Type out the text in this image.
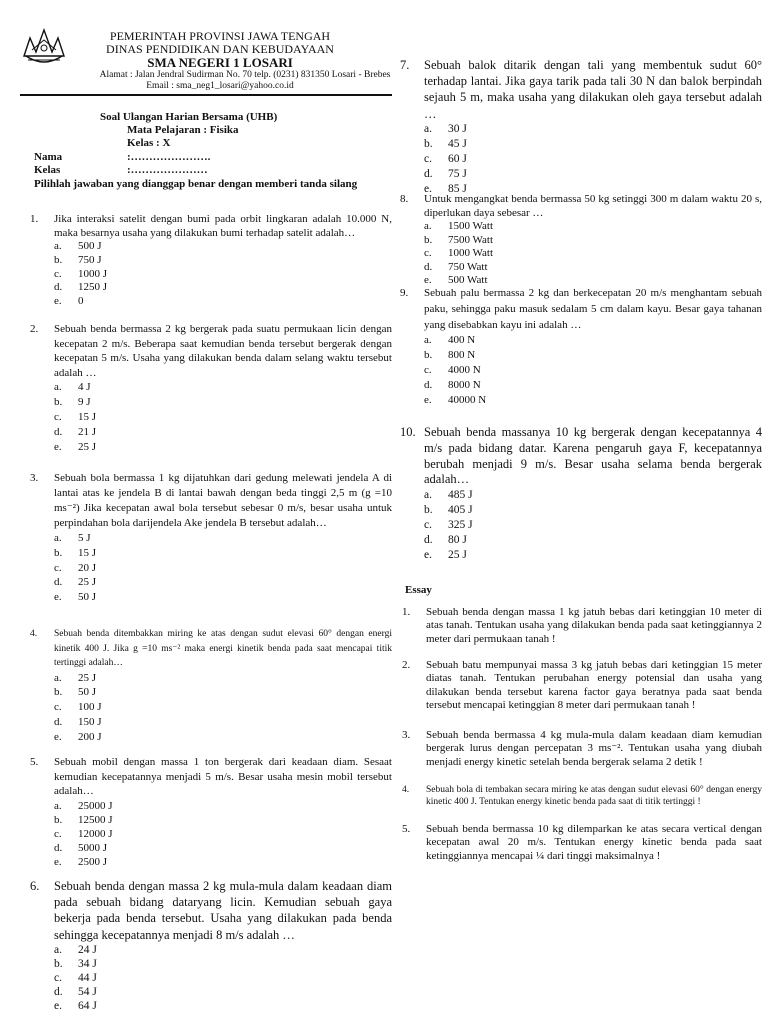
PEMERINTAH PROVINSI JAWA TENGAH
DINAS PENDIDIKAN DAN KEBUDAYAAN
SMA NEGERI 1 LOSARI
Alamat : Jalan Jendral Sudirman No. 70 telp. (0231) 831350 Losari - Brebes
Email : sma_neg1_losari@yahoo.co.id
Soal Ulangan Harian Bersama (UHB)
Mata Pelajaran : Fisika
Kelas : X
Nama	:………………….
Kelas	:…………………
Pilihlah jawaban yang dianggap benar dengan memberi tanda silang
1. Jika interaksi satelit dengan bumi pada orbit lingkaran adalah 10.000 N, maka besarnya usaha yang dilakukan bumi terhadap satelit adalah…
a. 500 J
b. 750 J
c. 1000 J
d. 1250 J
e. 0
2. Sebuah benda bermassa 2 kg bergerak pada suatu permukaan licin dengan kecepatan 2 m/s. Beberapa saat kemudian benda tersebut bergerak dengan kecepatan 5 m/s. Usaha yang dilakukan benda dalam selang waktu tersebut adalah …
a. 4 J
b. 9 J
c. 15 J
d. 21 J
e. 25 J
3. Sebuah bola bermassa 1 kg dijatuhkan dari gedung melewati jendela A di lantai atas ke jendela B di lantai bawah dengan beda tinggi 2,5 m (g =10 ms⁻²) Jika kecepatan awal bola tersebut sebesar 0 m/s, besar usaha untuk perpindahan bola darijendela Ake jendela B tersebut adalah…
a. 5 J
b. 15 J
c. 20 J
d. 25 J
e. 50 J
4. Sebuah benda ditembakkan miring ke atas dengan sudut elevasi 60° dengan energi kinetik 400 J. Jika g =10 ms⁻² maka energi kinetik benda pada saat mencapai titik tertinggi adalah…
a. 25 J
b. 50 J
c. 100 J
d. 150 J
e. 200 J
5. Sebuah mobil dengan massa 1 ton bergerak dari keadaan diam. Sesaat kemudian kecepatannya menjadi 5 m/s. Besar usaha mesin mobil tersebut adalah…
a. 25000 J
b. 12500 J
c. 12000 J
d. 5000 J
e. 2500 J
6. Sebuah benda dengan massa 2 kg mula-mula dalam keadaan diam pada sebuah bidang dataryang licin. Kemudian sebuah gaya bekerja pada benda tersebut. Usaha yang dilakukan pada benda sehingga kecepatannya menjadi 8 m/s adalah …
a. 24 J
b. 34 J
c. 44 J
d. 54 J
e. 64 J
7. Sebuah balok ditarik dengan tali yang membentuk sudut 60° terhadap lantai. Jika gaya tarik pada tali 30 N dan balok berpindah sejauh 5 m, maka usaha yang dilakukan oleh gaya tersebut adalah …
a. 30 J
b. 45 J
c. 60 J
d. 75 J
e. 85 J
8. Untuk mengangkat benda bermassa 50 kg setinggi 300 m dalam waktu 20 s, diperlukan daya sebesar …
a. 1500 Watt
b. 7500 Watt
c. 1000 Watt
d. 750 Watt
e. 500 Watt
9. Sebuah palu bermassa 2 kg dan berkecepatan 20 m/s menghantam sebuah paku, sehingga paku masuk sedalam 5 cm dalam kayu. Besar gaya tahanan yang disebabkan kayu ini adalah …
a. 400 N
b. 800 N
c. 4000 N
d. 8000 N
e. 40000 N
10. Sebuah benda massanya 10 kg bergerak dengan kecepatannya 4 m/s pada bidang datar. Karena pengaruh gaya F, kecepatannya berubah menjadi 9 m/s. Besar usaha selama benda bergerak adalah…
a. 485 J
b. 405 J
c. 325 J
d. 80 J
e. 25 J
Essay
1. Sebuah benda dengan massa 1 kg jatuh bebas dari ketinggian 10 meter di atas tanah. Tentukan usaha yang dilakukan benda pada saat ketinggiannya 2 meter dari permukaan tanah !
2. Sebuah batu mempunyai massa 3 kg jatuh bebas dari ketinggian 15 meter diatas tanah. Tentukan perubahan energy potensial dan usaha yang dilakukan benda tersebut karena factor gaya beratnya pada saat benda tersebut mencapai ketinggian 8 meter dari permukaan tanah !
3. Sebuah benda bermassa 4 kg mula-mula dalam keadaan diam kemudian bergerak lurus dengan percepatan 3 ms⁻². Tentukan usaha yang diubah menjadi energy kinetic setelah benda bergerak selama 2 detik !
4. Sebuah bola di tembakan secara miring ke atas dengan sudut elevasi 60° dengan energy kinetic 400 J. Tentukan energy kinetic benda pada saat di titik tertinggi !
5. Sebuah benda bermassa 10 kg dilemparkan ke atas secara vertical dengan kecepatan awal 20 m/s. Tentukan energy kinetic benda pada saat ketinggiannya mencapai ¼ dari tinggi maksimalnya !
